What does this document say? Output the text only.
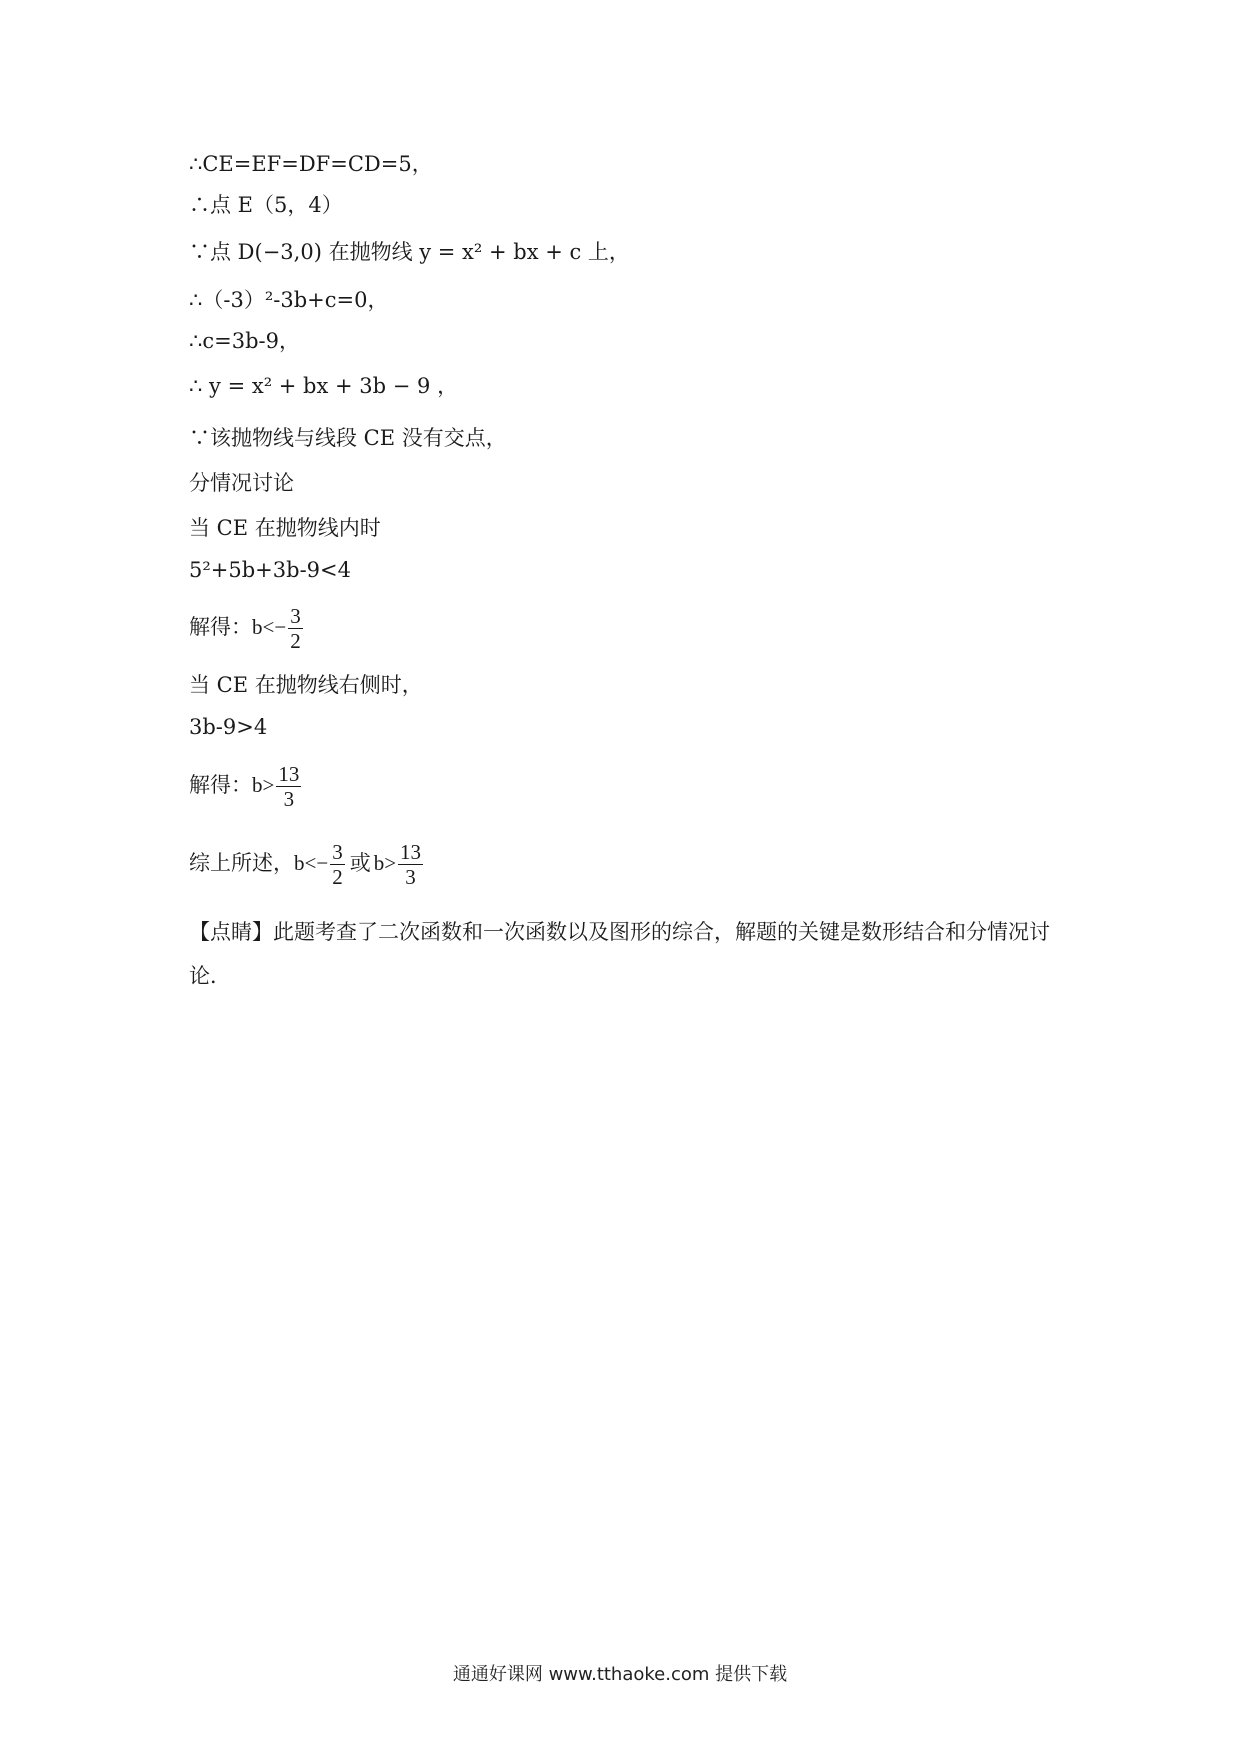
∴CE=EF=DF=CD=5，
∴点 E（5，4）
∵点 D(−3,0) 在抛物线 y = x² + bx + c 上，
∴（-3）²-3b+c=0，
∴c=3b-9，
∴ y = x² + bx + 3b − 9 ，
∵该抛物线与线段 CE 没有交点，
分情况讨论
当 CE 在抛物线内时
5²+5b+3b-9<4
解得：$b<- \frac{3}{2}$
当 CE 在抛物线右侧时，
3b-9>4
解得：$b> \frac{13}{3}$
综上所述，$b<- \frac{3}{2}$ 或 $b> \frac{13}{3}$
【点睛】此题考查了二次函数和一次函数以及图形的综合，解题的关键是数形结合和分情况讨论．
通通好课网 www.tthaoke.com 提供下载
